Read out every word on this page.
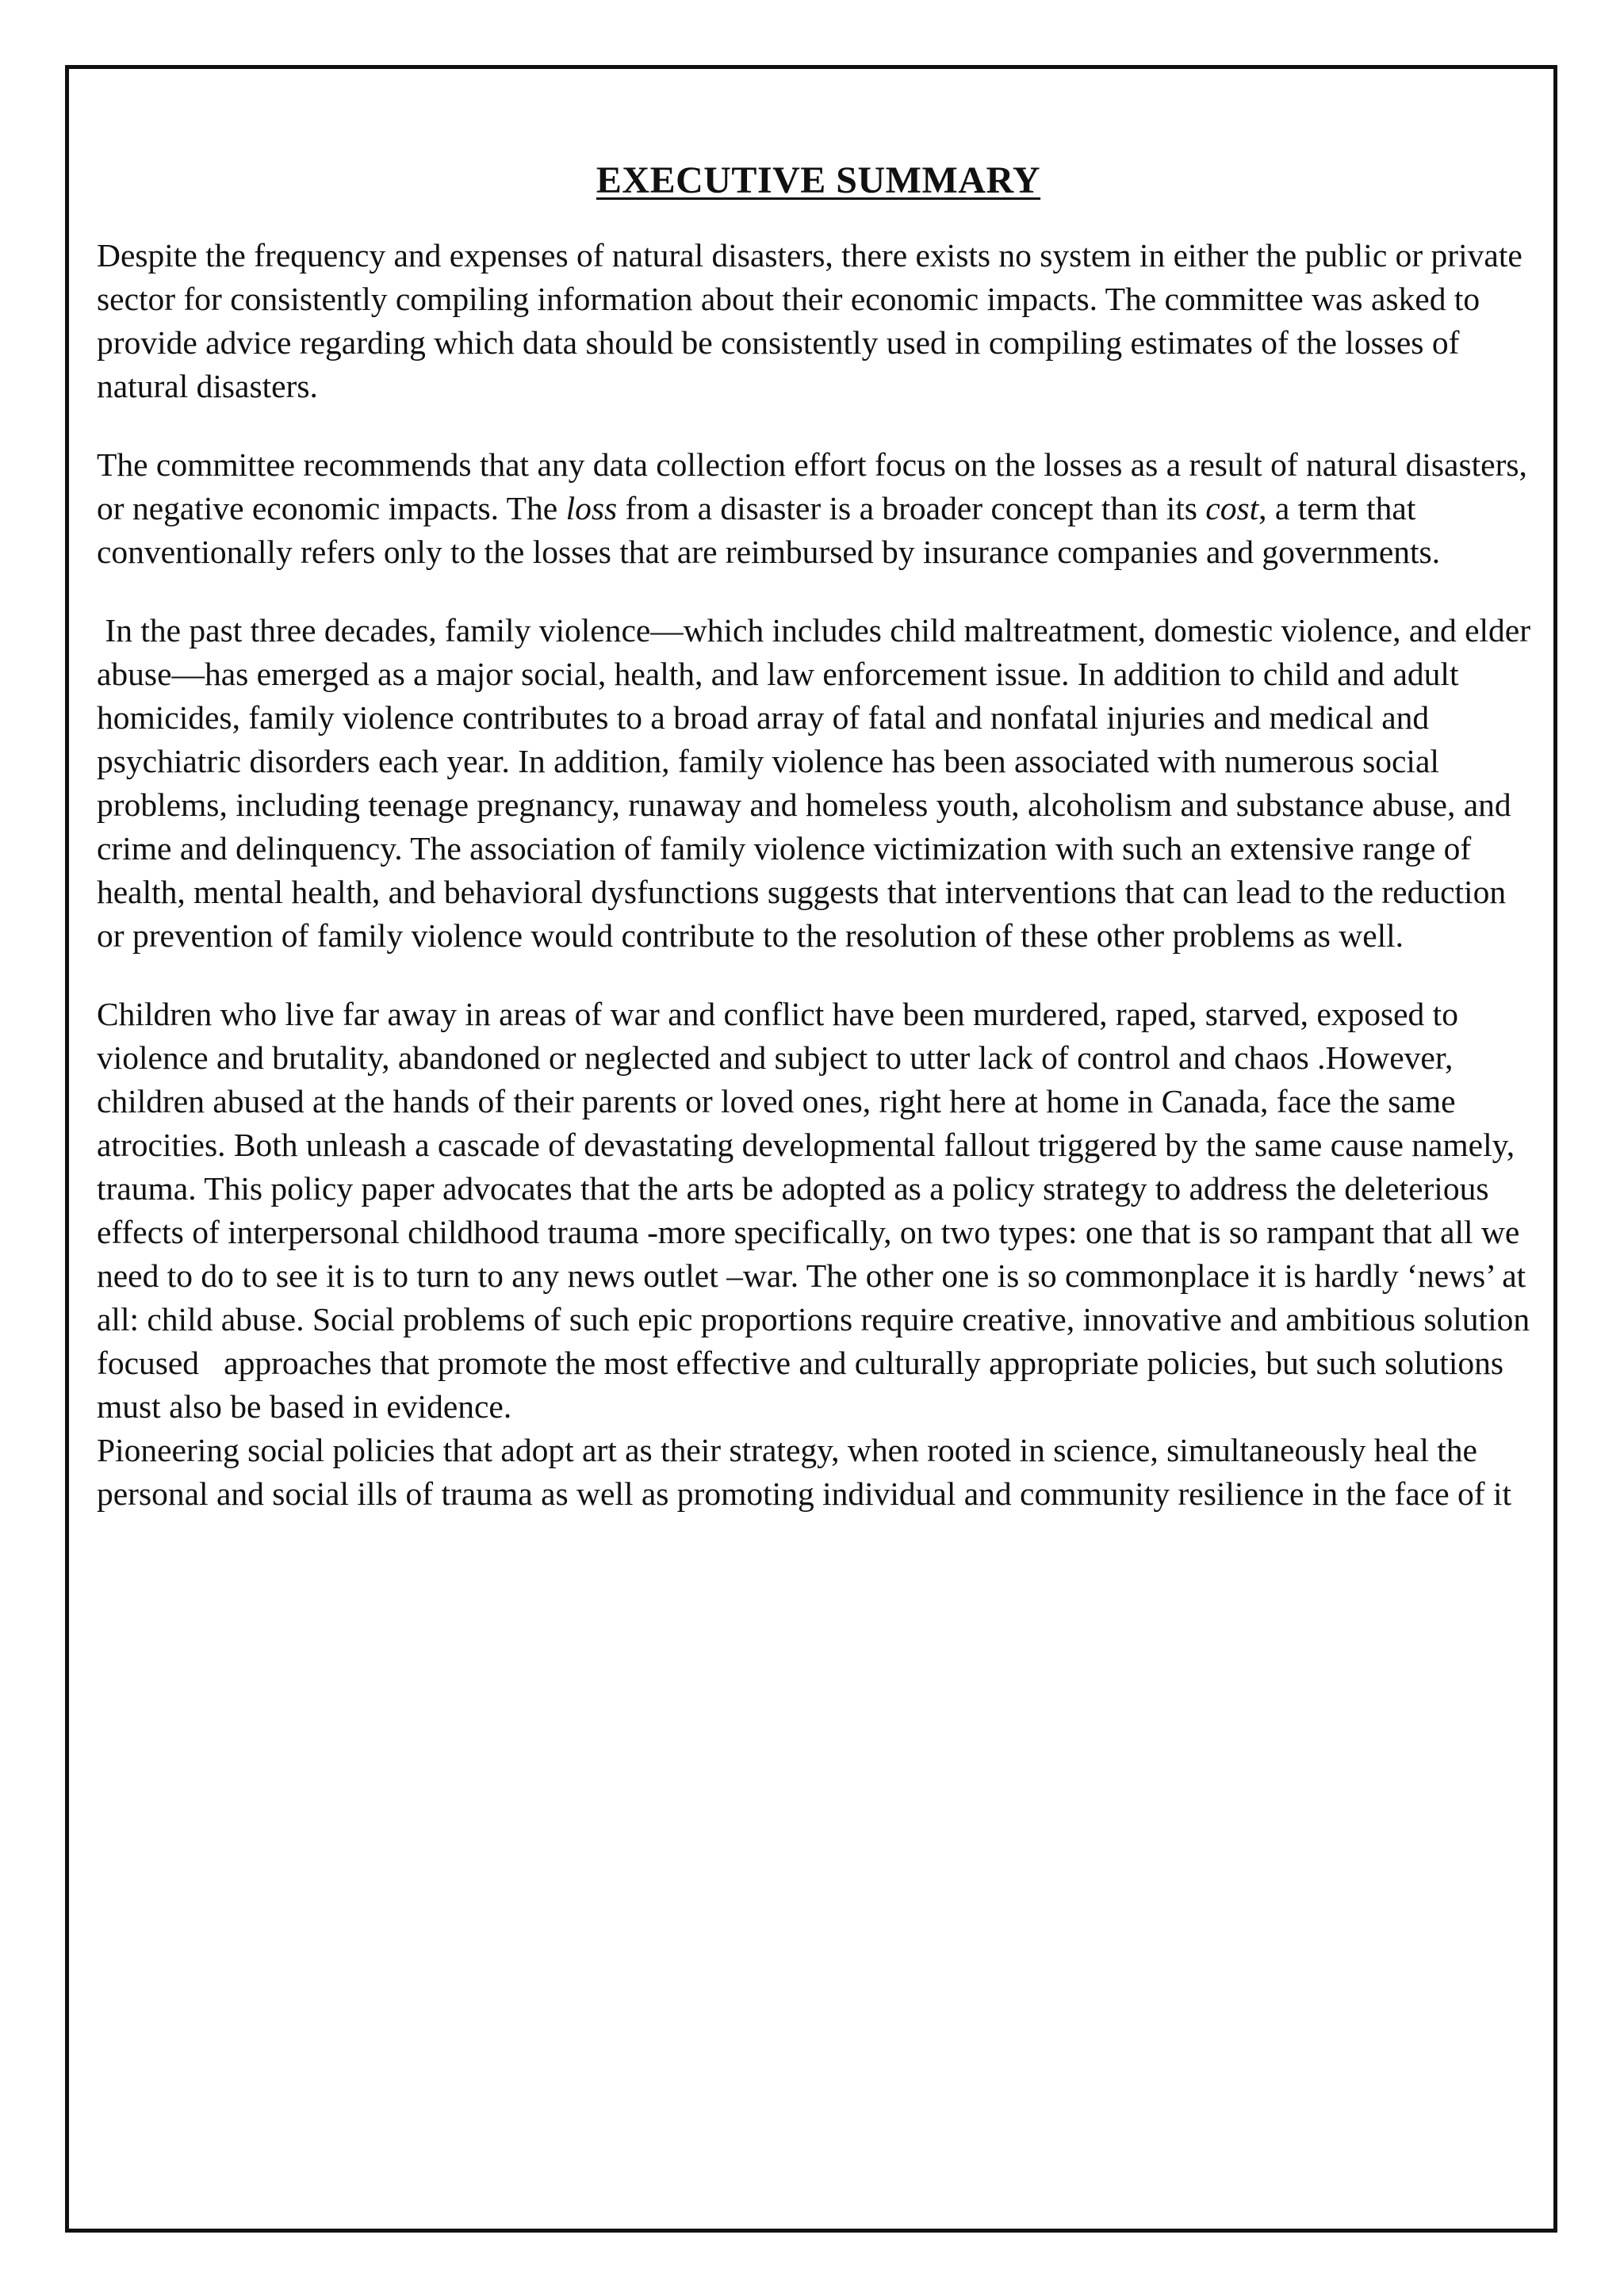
EXECUTIVE SUMMARY

Despite the frequency and expenses of natural disasters, there exists no system in either the public or private sector for consistently compiling information about their economic impacts. The committee was asked to provide advice regarding which data should be consistently used in compiling estimates of the losses of natural disasters.

The committee recommends that any data collection effort focus on the losses as a result of natural disasters, or negative economic impacts. The loss from a disaster is a broader concept than its cost, a term that conventionally refers only to the losses that are reimbursed by insurance companies and governments.

In the past three decades, family violence—which includes child maltreatment, domestic violence, and elder abuse—has emerged as a major social, health, and law enforcement issue. In addition to child and adult homicides, family violence contributes to a broad array of fatal and nonfatal injuries and medical and psychiatric disorders each year. In addition, family violence has been associated with numerous social problems, including teenage pregnancy, runaway and homeless youth, alcoholism and substance abuse, and crime and delinquency. The association of family violence victimization with such an extensive range of health, mental health, and behavioral dysfunctions suggests that interventions that can lead to the reduction or prevention of family violence would contribute to the resolution of these other problems as well.

Children who live far away in areas of war and conflict have been murdered, raped, starved, exposed to violence and brutality, abandoned or neglected and subject to utter lack of control and chaos .However, children abused at the hands of their parents or loved ones, right here at home in Canada, face the same atrocities. Both unleash a cascade of devastating developmental fallout triggered by the same cause namely, trauma. This policy paper advocates that the arts be adopted as a policy strategy to address the deleterious effects of interpersonal childhood trauma -more specifically, on two types: one that is so rampant that all we need to do to see it is to turn to any news outlet –war. The other one is so commonplace it is hardly ‘news’ at all: child abuse. Social problems of such epic proportions require creative, innovative and ambitious solution focused   approaches that promote the most effective and culturally appropriate policies, but such solutions must also be based in evidence.

Pioneering social policies that adopt art as their strategy, when rooted in science, simultaneously heal the personal and social ills of trauma as well as promoting individual and community resilience in the face of it
